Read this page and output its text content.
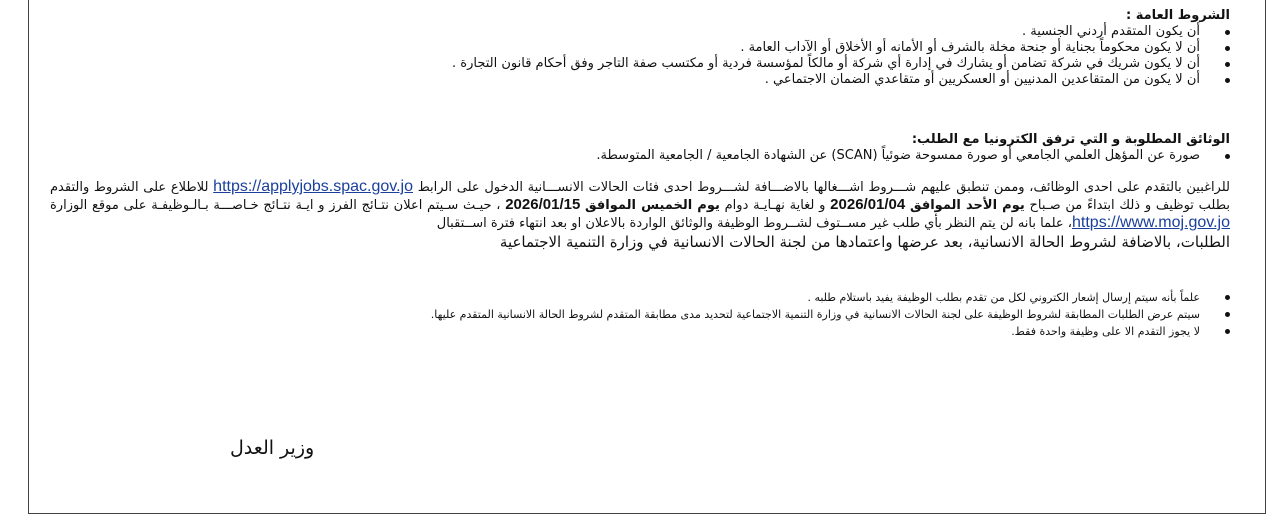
الشروط العامة :

أن يكون المتقدم أردني الجنسية .
أن لا يكون محكوماً بجناية أو جنحة مخلة بالشرف أو الأمانه أو الأخلاق أو الآداب العامة .
أن لا يكون شريك في شركة تضامن أو يشارك في إدارة أي شركة أو مالكاً لمؤسسة فردية أو مكتسب صفة التاجر وفق أحكام قانون التجارة .
أن لا يكون من المتقاعدين المدنيين أو العسكريين أو متقاعدي الضمان الاجتماعي .

الوثائق المطلوبة و التي ترفق الكترونيا مع الطلب:

صورة عن المؤهل العلمي الجامعي أو صورة ممسوحة ضوئياً (SCAN) عن الشهادة الجامعية / الجامعية المتوسطة.
للراغبين بالتقدم على احدى الوظائف، وممن تنطبق عليهم شـــروط اشـــغالها بالاضـــافة لشـــروط احدى فئات الحالات الانســـانية الدخول على الرابط https://applyjobs.spac.gov.jo للاطلاع على الشروط والتقدم بطلب توظيف و ذلك ابتداءً من صـباح يوم الأحد الموافق 2026/01/04 و لغاية نهـايـة دوام يوم الخميس الموافق 2026/01/15 ، حيـث سـيتم اعلان نتـائج الفرز و ايـة نتـائج خـاصـــة بـالـوظيفـة على موقع الوزارة https://www.moj.gov.jo، علما بانه لن يتم النظر بأي طلب غير مســتوف لشــروط الوظيفة والوثائق الواردة بالاعلان او بعد انتهاء فترة اســتقبال
الطلبات، بالاضافة لشروط الحالة الانسانية، بعد عرضها واعتمادها من لجنة الحالات الانسانية في وزارة التنمية الاجتماعية
علماً بأنه سيتم إرسال إشعار الكتروني لكل من تقدم بطلب الوظيفة يفيد باستلام طلبه .
سيتم عرض الطلبات المطابقة لشروط الوظيفة على لجنة الحالات الانسانية في وزارة التنمية الاجتماعية لتحديد مدى مطابقة المتقدم لشروط الحالة الانسانية المتقدم عليها.
لا يجوز التقدم الا على وظيفة واحدة فقط.
وزير العدل
